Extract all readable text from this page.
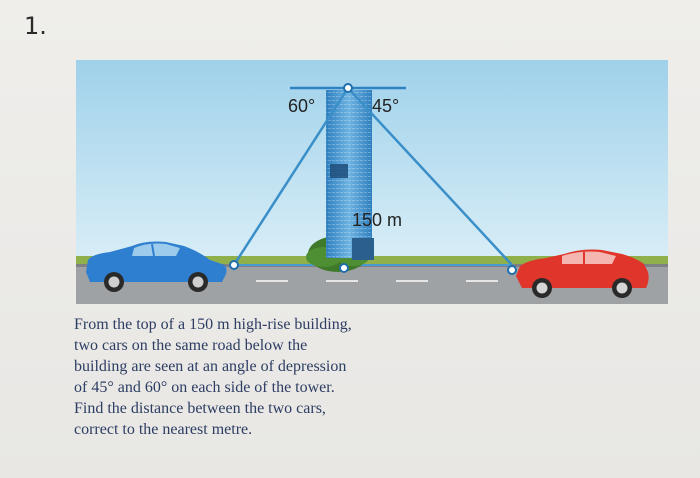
1.
60°	45°
150 m

From the top of a 150 m high-rise building,
two cars on the same road below the
building are seen at an angle of depression
of 45° and 60° on each side of the tower.
Find the distance between the two cars,
correct to the nearest metre.
